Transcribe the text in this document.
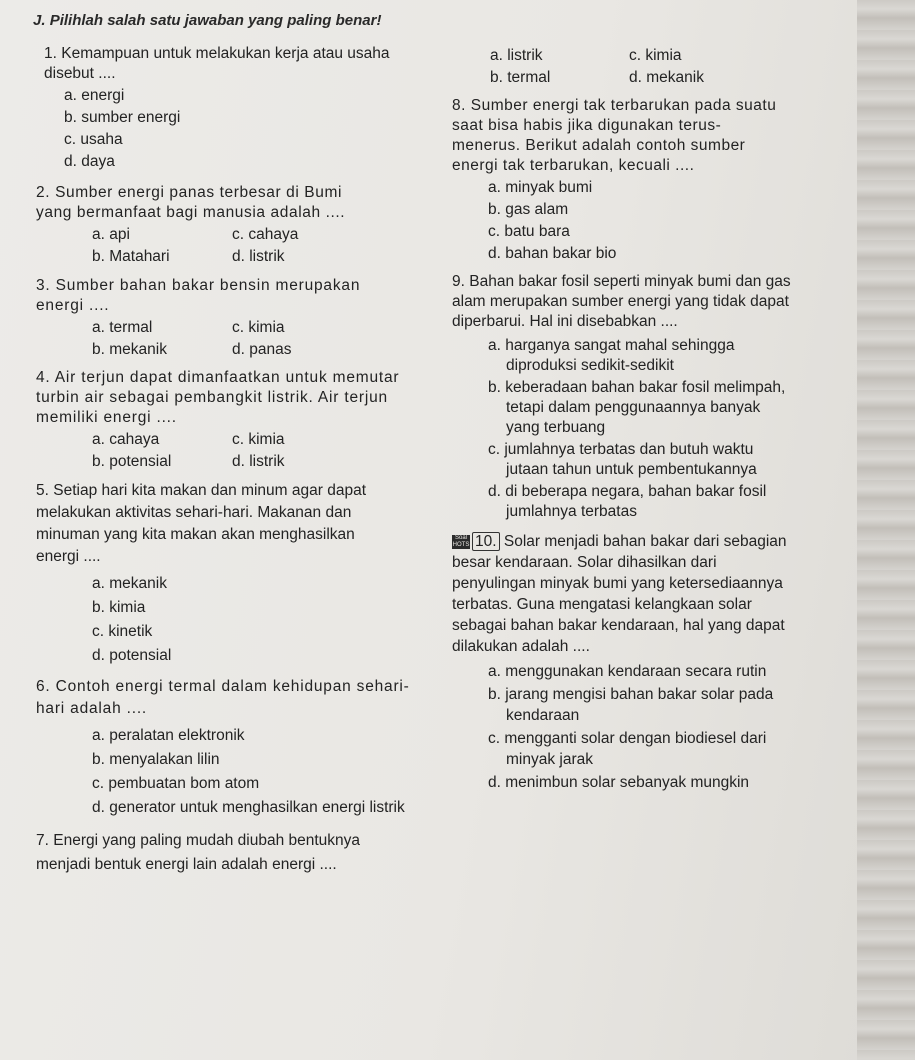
J. Pilihlah salah satu jawaban yang paling benar!
1. Kemampuan untuk melakukan kerja atau usaha disebut ....
a. energi
b. sumber energi
c. usaha
d. daya
2. Sumber energi panas terbesar di Bumi yang bermanfaat bagi manusia adalah ....
a. api	c. cahaya
b. Matahari	d. listrik
3. Sumber bahan bakar bensin merupakan energi ....
a. termal	c. kimia
b. mekanik	d. panas
4. Air terjun dapat dimanfaatkan untuk memutar turbin air sebagai pembangkit listrik. Air terjun memiliki energi ....
a. cahaya	c. kimia
b. potensial	d. listrik
5. Setiap hari kita makan dan minum agar dapat melakukan aktivitas sehari-hari. Makanan dan minuman yang kita makan akan menghasilkan energi ....
a. mekanik
b. kimia
c. kinetik
d. potensial
6. Contoh energi termal dalam kehidupan sehari-hari adalah ....
a. peralatan elektronik
b. menyalakan lilin
c. pembuatan bom atom
d. generator untuk menghasilkan energi listrik
7. Energi yang paling mudah diubah bentuknya menjadi bentuk energi lain adalah energi ....
a. listrik	c. kimia
b. termal	d. mekanik
8. Sumber energi tak terbarukan pada suatu saat bisa habis jika digunakan terus-menerus. Berikut adalah contoh sumber energi tak terbarukan, kecuali ....
a. minyak bumi
b. gas alam
c. batu bara
d. bahan bakar bio
9. Bahan bakar fosil seperti minyak bumi dan gas alam merupakan sumber energi yang tidak dapat diperbarui. Hal ini disebabkan ....
a. harganya sangat mahal sehingga diproduksi sedikit-sedikit
b. keberadaan bahan bakar fosil melimpah, tetapi dalam penggunaannya banyak yang terbuang
c. jumlahnya terbatas dan butuh waktu jutaan tahun untuk pembentukannya
d. di beberapa negara, bahan bakar fosil jumlahnya terbatas
Soal HOTS 10. Solar menjadi bahan bakar dari sebagian besar kendaraan. Solar dihasilkan dari penyulingan minyak bumi yang ketersediaannya terbatas. Guna mengatasi kelangkaan solar sebagai bahan bakar kendaraan, hal yang dapat dilakukan adalah ....
a. menggunakan kendaraan secara rutin
b. jarang mengisi bahan bakar solar pada kendaraan
c. mengganti solar dengan biodiesel dari minyak jarak
d. menimbun solar sebanyak mungkin
